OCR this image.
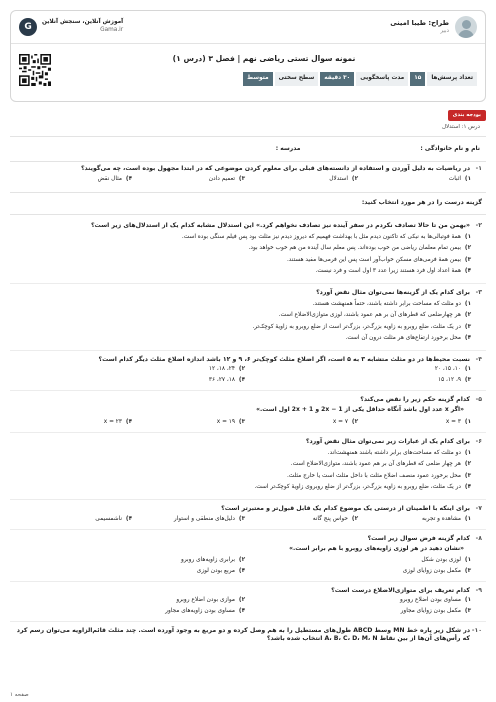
طراح: طیبا امینی
دبیر
آموزش آنلاین، سنجش آنلاین
Gama.ir
G
نمونه سوال تستی ریاضی نهم | فصل ۳ (درس ۱)
تعداد پرسش‌ها
۱۵
مدت پاسخگویی
۳۰ دقیقه
سطح سختی
متوسط
بودجه بندی
درس ۱: استدلال
نام و نام خانوادگی :
مدرسه :
۱-
در ریاضیات به دلیل آوردن و استفاده از دانسته‌های قبلی برای معلوم کردن موضوعی که در ابتدا مجهول بوده است، چه می‌گویند؟
۱)
اثبات
۲)
استدلال
۳)
تعمیم دادن
۴)
مثال نقض
گزینه درست را در هر مورد انتخاب کنید:
۲-
«بهمن من تا حالا تصادف نکردم در سفر آینده نیز تصادف نخواهم کرد.» این استدلال مشابه کدام یک از استدلال‌های زیر است؟
۱)
همهٔ فوتبالی‌ها به نیکی که تاکنون دیدم مثل با بهداشت فهمیم که دیروز دیدم نیز مثلث بود پس فیلم سنگی بوده است.
۲)
بیمن تمام معلمان ریاضی من خوب بوده‌اند. پس معلم سال آینده من هم خوب خواهد بود.
۳)
بیمن همهٔ فرمی‌های مسکن خواب‌آور است پس این فرمی‌ها مفید هستند.
۴)
همهٔ اعداد اول فرد هستند زیرا عدد ۳ اول است و فرد نیست.
۳-
برای کدام یک از گزینه‌ها نمی‌توان مثال نقض آورد؟
۱)
دو مثلث که مساحت برابر داشته باشند، حتماً همنهشت هستند.
۲)
هر چهارضلعی که قطرهای آن بر هم عمود باشند، لوزی متوازی‌الاضلاع است.
۳)
در یک مثلث، ضلع روبرو به زاویه بزرگ‌تر، بزرگ‌تر است از ضلع روبرو به زاویهٔ کوچک‌تر.
۴)
محل برخورد ارتفاع‌های هر مثلث درون آن است.
۴-
نسبت محیط‌ها در دو مثلث متشابه ۳ به ۵ است، اگر اضلاع مثلث کوچک‌تر ۶، ۹ و ۱۲ باشد اندازه اضلاع مثلث دیگر کدام است؟
۱)
۱۰، ۱۵، ۲۰
۲)
۲۴، ۱۸، ۱۲
۳)
۹، ۱۲، ۱۵
۴)
۱۸، ۲۷، ۳۶
۵-
کدام گزینه حکم زیر را نقض می‌کند؟
«اگر x عدد اول باشد آنگاه حداقل یکی از 2x − 1 و 2x + 1 اول است.»
۱)
x = ۳
۲)
x = ۷
۳)
x = ۱۹
۴)
x = ۲۳
۶-
برای کدام یک از عبارات زیر نمی‌توان مثال نقض آورد؟
۱)
دو مثلث که مساحت‌های برابر داشته باشند همنهشت‌اند.
۲)
هر چهار ضلعی که قطرهای آن بر هم عمود باشند، متوازی‌الاضلاع است.
۳)
محل برخورد عمود منصف اضلاع مثلث با داخل مثلث است یا خارج مثلث.
۴)
در یک مثلث، ضلع روبرو به زاویه بزرگ‌تر، بزرگ‌تر از ضلع روبروی زاویهٔ کوچک‌تر است.
۷-
برای اینکه با اطمینان از درستی یک موضوع کدام یک قابل قبول‌تر و معتبرتر است؟
۱)
مشاهده و تجربه
۲)
حواس پنج گانه
۳)
دلیل‌های منطقی و استوار
۴)
ناشمسیمی
۸-
کدام گزینه فرض سوال زیر است؟
«نشان دهید در هر لوزی زاویه‌های روبرو با هم برابر است.»
۱)
لوزی بودن شکل
۲)
برابری زاویه‌های روبرو
۳)
مکمل بودن زوایای لوزی
۴)
مربع بودن لوزی
۹-
کدام تعریف برای متوازی‌الاضلاع درست است؟
۱)
مساوی بودن اضلاع روبرو
۲)
موازی بودن اضلاع روبرو
۳)
مکمل بودن زوایای مجاور
۴)
مساوی بودن زاویه‌های مجاور
۱۰-
در شکل زیر پاره خط MN وسط ABCD طول‌های مستطیل را به هم وصل کرده و دو مربع به وجود آورده است. چند مثلث قائم‌الزاویه می‌توان رسم کرد که رأس‌های آن‌ها از بین نقاط A، B، C، D، M، N انتخاب شده باشد؟
صفحه ۱
